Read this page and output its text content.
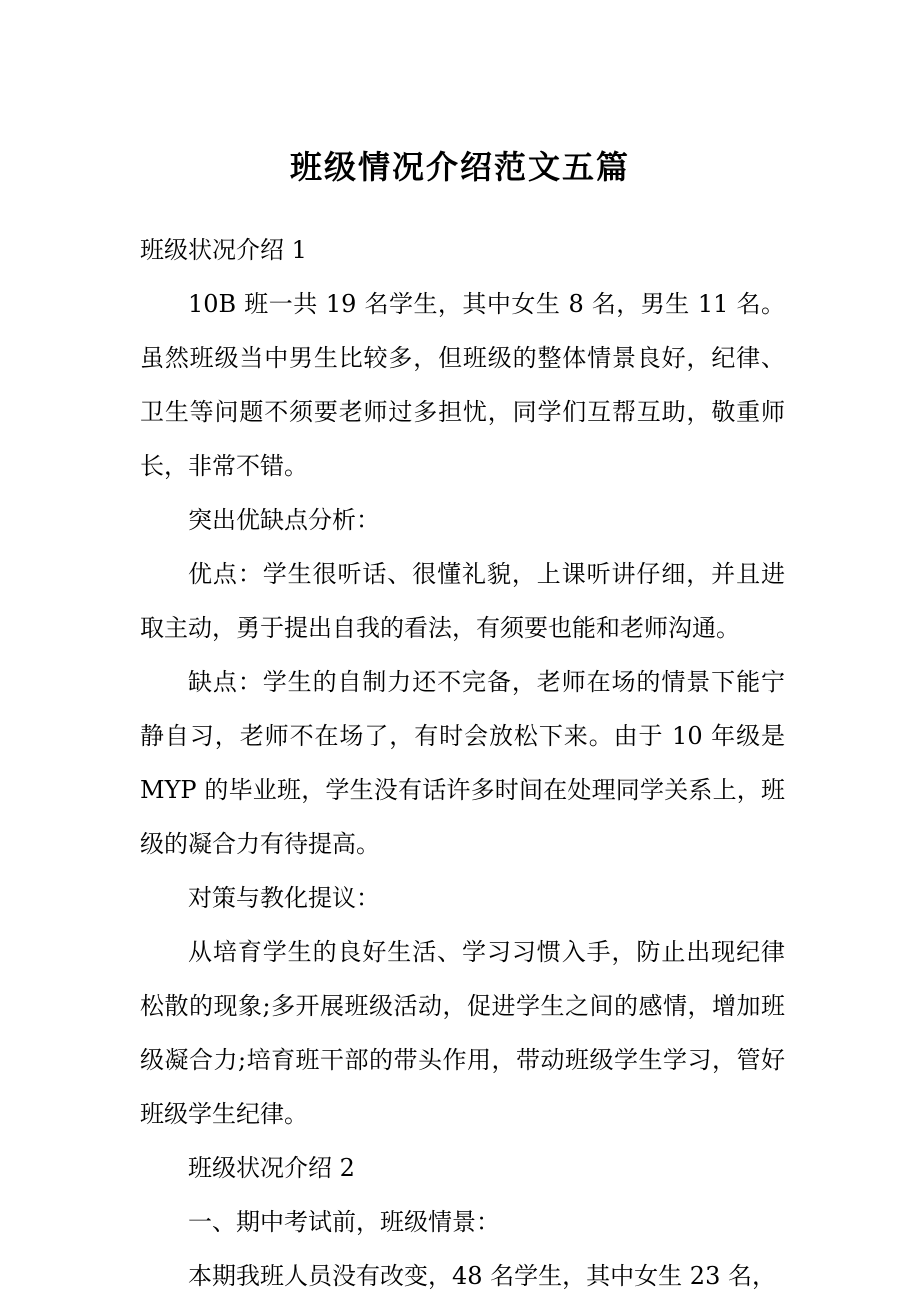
班级情况介绍范文五篇

班级状况介绍 1

10B 班一共 19 名学生，其中女生 8 名，男生 11 名。虽然班级当中男生比较多，但班级的整体情景良好，纪律、卫生等问题不须要老师过多担忧，同学们互帮互助，敬重师长，非常不错。

突出优缺点分析：

优点：学生很听话、很懂礼貌，上课听讲仔细，并且进取主动，勇于提出自我的看法，有须要也能和老师沟通。

缺点：学生的自制力还不完备，老师在场的情景下能宁静自习，老师不在场了，有时会放松下来。由于 10 年级是 MYP 的毕业班，学生没有话许多时间在处理同学关系上，班级的凝合力有待提高。

对策与教化提议：

从培育学生的良好生活、学习习惯入手，防止出现纪律松散的现象;多开展班级活动，促进学生之间的感情，增加班级凝合力;培育班干部的带头作用，带动班级学生学习，管好班级学生纪律。

班级状况介绍 2

一、期中考试前，班级情景：

本期我班人员没有改变，48 名学生，其中女生 23 名，
